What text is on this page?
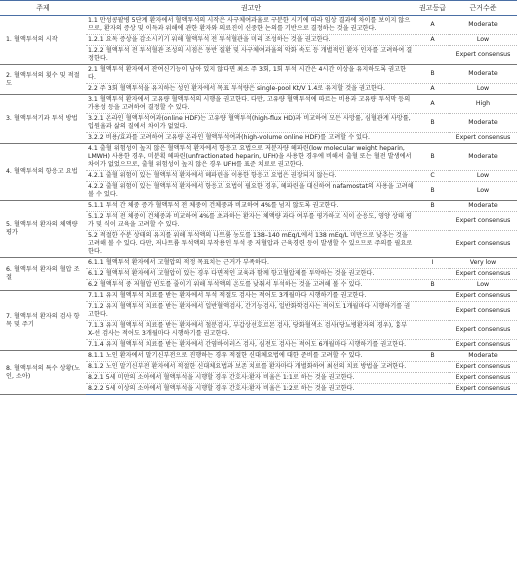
주제	권고안	권고등급	근거수준
1. 혈액투석의 시작	1.1 만성콩팥병 5단계 환자에서 혈액투석의 시작은 사구체여과율로 구분한 시기에 따라 임상 결과에 차이를 보이지 않으므로, 환자의 증상 및 이득과 위해에 관한 환자와 의료진이 신중한 논의를 기반으로 결정하는 것을 권고한다.	A	Moderate
	1.2.1 요독 증상을 감소시키기 위해 혈액투석 전 투석혈관을 미리 조성하는 것을 권고한다.	A	Low
	1.2.2 혈액투석 전 투석혈관 조성의 시점은 동반 질환 및 사구체여과율의 악화 속도 등 개별적인 환자 인자를 고려하여 결정한다.		Expert consensus
2. 혈액투석의 횟수 및 적절도	2.1 혈액투석 환자에서 잔여신기능이 남아 있지 않다면 최소 주 3회, 1회 투석 시간은 4시간 이상을 유지하도록 권고한다.	B	Moderate
	2.2 주 3회 혈액투석을 유지하는 성인 환자에서 목표 투석량은 single-pool Kt/V 1.4로 유지할 것을 권고한다.	A	Low
3. 혈액투석기과 투석 방법	3.1 혈액투석 환자에서 고유량 혈액투석의 시행을 권고한다. 다만, 고유량 혈액투석에 따르는 비용과 고유량 투석막 등의 가용성 등을 고려하여 결정할 수 있다.	A	High
	3.2.1 온라인 혈액투석여과(online HDF)는 고유량 혈액투석(high-flux HD)과 비교하여 모든 사망률, 심혈관계 사망률, 입원율과 삶의 질에서 차이가 없었다.	B	Moderate
	3.2.2 비용/효과를 고려하여 고유량 온라인 혈액투석여과(high-volume online HDF)를 고려할 수 있다.		Expert consensus
4. 혈액투석의 항응고 요법	4.1 출혈 위험성이 높지 않은 혈액투석 환자에서 항응고 요법으로 저분자량 헤파린(low molecular weight heparin, LMWH) 사용한 경우, 미분획 헤파린(unfractionated heparin, UFH)을 사용한 경우에 비해서 출혈 또는 혈전 발생에서 차이가 없었으므로, 출혈 위험성이 높지 않은 경우 UFH를 표준 치료로 권고한다.	B	Moderate
	4.2.1 출혈 위험이 있는 혈액투석 환자에서 헤파린을 이용한 항응고 요법은 권장되지 않는다.	C	Low
	4.2.2 출혈 위험이 있는 혈액투석 환자에서 항응고 요법이 필요한 경우, 헤파린을 대신하여 nafamostat의 사용을 고려해 볼 수 있다.	B	Low
5. 혈액투석 환자의 체액량 평가	5.1.1 투석 간 체중 증가 혈액투석 전 체중이 건체중과 비교하여 4%를 넘지 않도록 권고한다.	B	Moderate
	5.1.2 투석 전 체중이 건체중과 비교하여 4%를 초과하는 환자는 체액량 과다 여부를 평가하고 식이 순응도, 영양 상태 평가 및 식이 교육을 고려할 수 있다.		Expert consensus
	5.2 적절한 수분 상태의 유지를 위해 투석액의 나트륨 농도를 138–140 mEq/L에서 138 mEq/L 미만으로 낮추는 것을 고려해 볼 수 있다. 다만, 저나트륨 투석액의 부작용인 투석 중 저혈압과 근육경련 등이 발생할 수 있으므로 주의를 필요로 한다.		Expert consensus
6. 혈액투석 환자의 혈압 조절	6.1.1 혈액투석 환자에서 고혈압의 적정 목표치는 근거가 부족하다.	I	Very low
	6.1.2 혈액투석 환자에서 고혈압이 있는 경우 다면적인 교육과 함께 항고혈압제를 투약하는 것을 권고한다.		Expert consensus
	6.2 혈액투석 중 저혈압 빈도를 줄이기 위해 투석액의 온도를 낮춰서 투석하는 것을 고려해 볼 수 있다.	B	Low
7. 혈액투석 환자의 검사 항목 및 주기	7.1.1 유지 혈액투석 치료를 받는 환자에서 투석 적절도 검사는 적어도 3개월마다 시행하기를 권고한다.		Expert consensus
	7.1.2 유지 혈액투석 치료를 받는 환자에서 일반혈액검사, 간기능검사, 일반화학검사는 적어도 1개월마다 시행하기를 권고한다.		Expert consensus
	7.1.3 유지 혈액투석 치료를 받는 환자에서 철분검사, 부갑상선호르몬 검사, 당화혈색소 검사(당뇨병환자의 경우), 흉부 X-선 검사는 적어도 3개월마다 시행하기를 권고한다.		Expert consensus
	7.1.4 유지 혈액투석 치료를 받는 환자에서 간염바이러스 검사, 심전도 검사는 적어도 6개월마다 시행하기를 권고한다.		Expert consensus
8. 혈액투석의 특수 상황(노인, 소아)	8.1.1 노인 환자에서 말기신부전으로 진행하는 경우 적절한 신대체요법에 대한 준비를 고려할 수 있다.	B	Moderate
	8.1.2 노인 말기신부전 환자에서 적절한 신대체요법과 보존 치료를 환자마다 개별화하여 최선의 치료 방법을 고려한다.		Expert consensus
	8.2.1 5세 미만의 소아에서 혈액투석을 시행할 경우 간호사:환자 비율은 1:1로 하는 것을 권고한다.		Expert consensus
	8.2.2 5세 이상의 소아에서 혈액투석을 시행할 경우 간호사:환자 비율은 1:2로 하는 것을 권고한다.		Expert consensus
